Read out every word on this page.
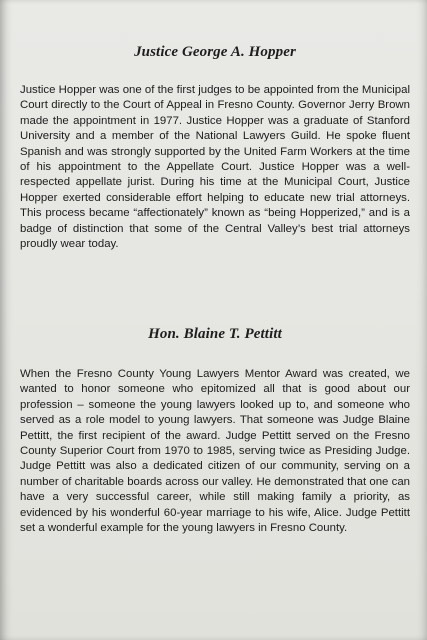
Justice George A. Hopper

Justice Hopper was one of the first judges to be appointed from the Municipal Court directly to the Court of Appeal in Fresno County. Governor Jerry Brown made the appointment in 1977. Justice Hopper was a graduate of Stanford University and a member of the National Lawyers Guild. He spoke fluent Spanish and was strongly supported by the United Farm Workers at the time of his appointment to the Appellate Court. Justice Hopper was a well-respected appellate jurist. During his time at the Municipal Court, Justice Hopper exerted considerable effort helping to educate new trial attorneys. This process became “affectionately” known as “being Hopperized,” and is a badge of distinction that some of the Central Valley’s best trial attorneys proudly wear today.

Hon. Blaine T. Pettitt

When the Fresno County Young Lawyers Mentor Award was created, we wanted to honor someone who epitomized all that is good about our profession – someone the young lawyers looked up to, and someone who served as a role model to young lawyers. That someone was Judge Blaine Pettitt, the first recipient of the award. Judge Pettitt served on the Fresno County Superior Court from 1970 to 1985, serving twice as Presiding Judge. Judge Pettitt was also a dedicated citizen of our community, serving on a number of charitable boards across our valley. He demonstrated that one can have a very successful career, while still making family a priority, as evidenced by his wonderful 60-year marriage to his wife, Alice. Judge Pettitt set a wonderful example for the young lawyers in Fresno County.
